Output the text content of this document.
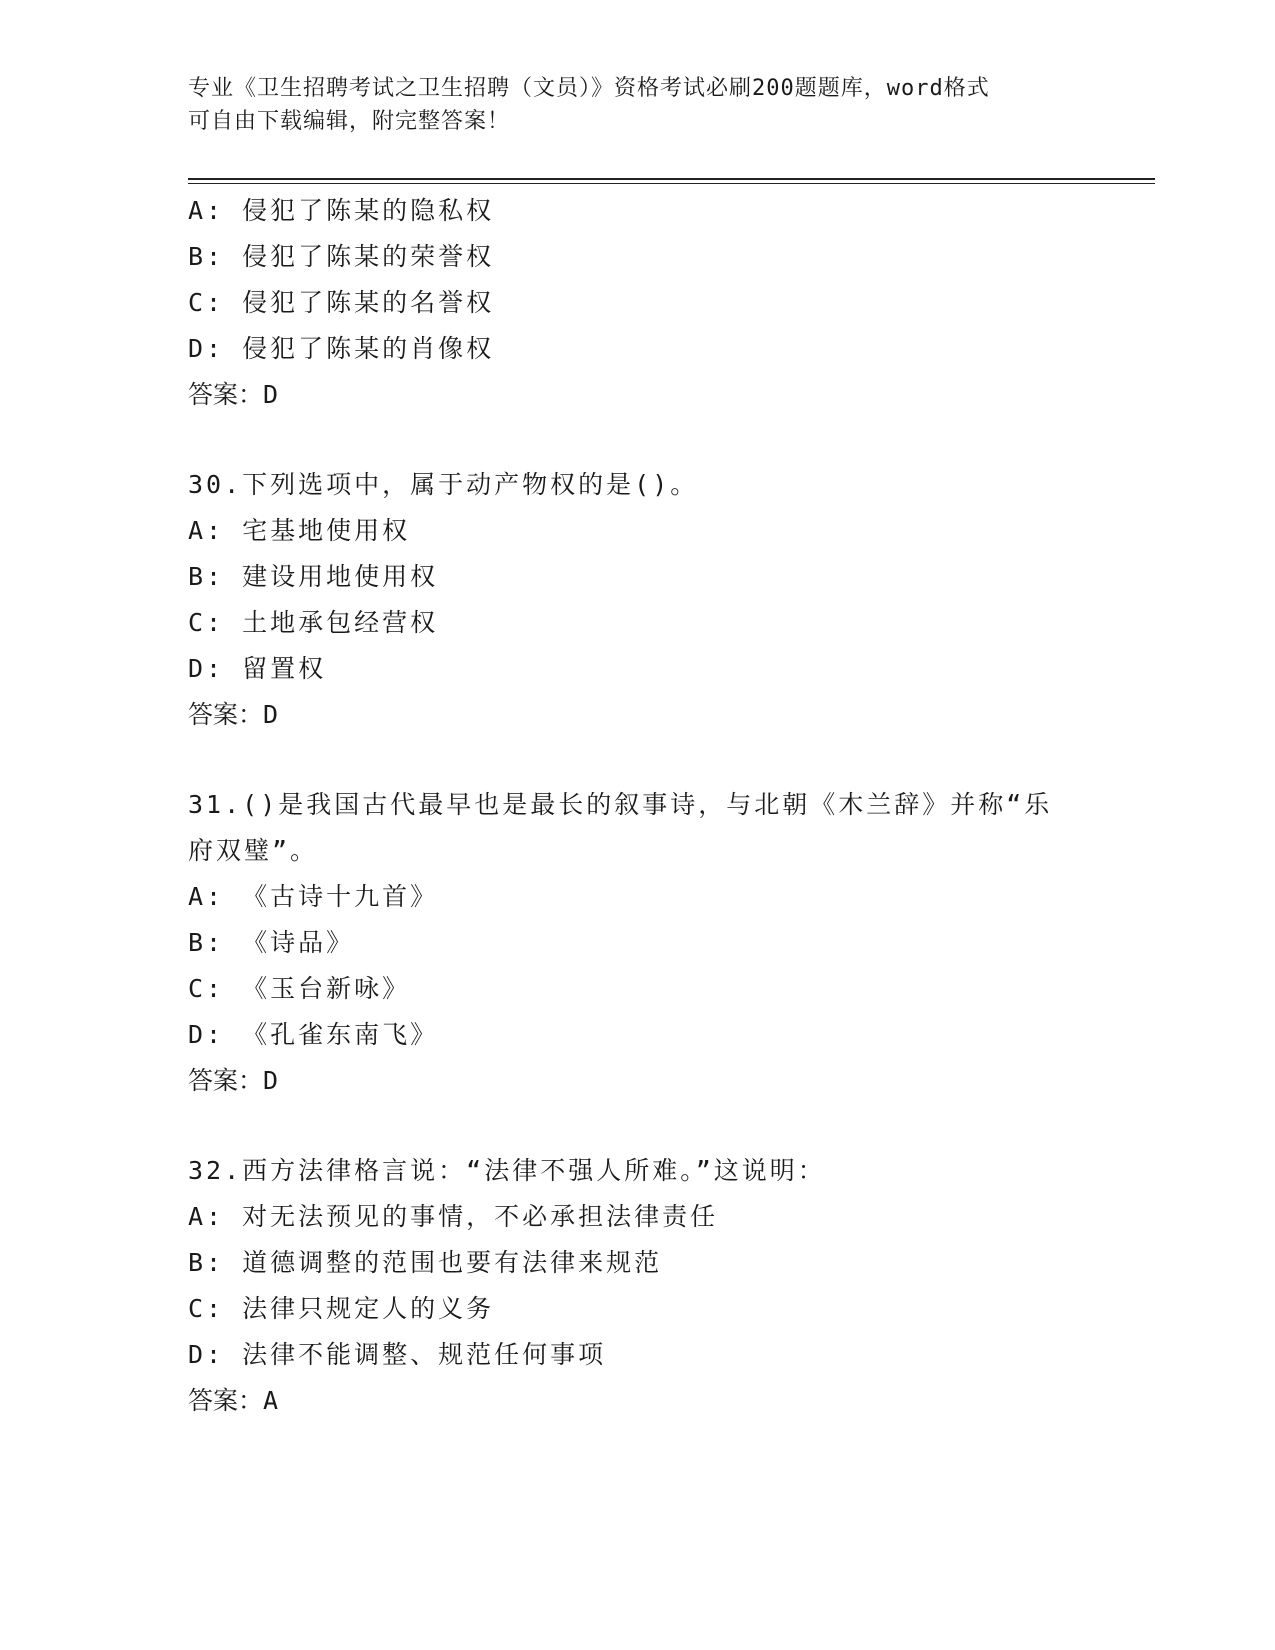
专业《卫生招聘考试之卫生招聘（文员）》资格考试必刷200题题库，word格式
可自由下载编辑，附完整答案！
A: 侵犯了陈某的隐私权
B: 侵犯了陈某的荣誉权
C: 侵犯了陈某的名誉权
D: 侵犯了陈某的肖像权
答案：D
30.下列选项中，属于动产物权的是()。
A: 宅基地使用权
B: 建设用地使用权
C: 土地承包经营权
D: 留置权
答案：D
31.()是我国古代最早也是最长的叙事诗，与北朝《木兰辞》并称“乐
府双璧”。
A: 《古诗十九首》
B: 《诗品》
C: 《玉台新咏》
D: 《孔雀东南飞》
答案：D
32.西方法律格言说：“法律不强人所难。”这说明：
A: 对无法预见的事情，不必承担法律责任
B: 道德调整的范围也要有法律来规范
C: 法律只规定人的义务
D: 法律不能调整、规范任何事项
答案：A
